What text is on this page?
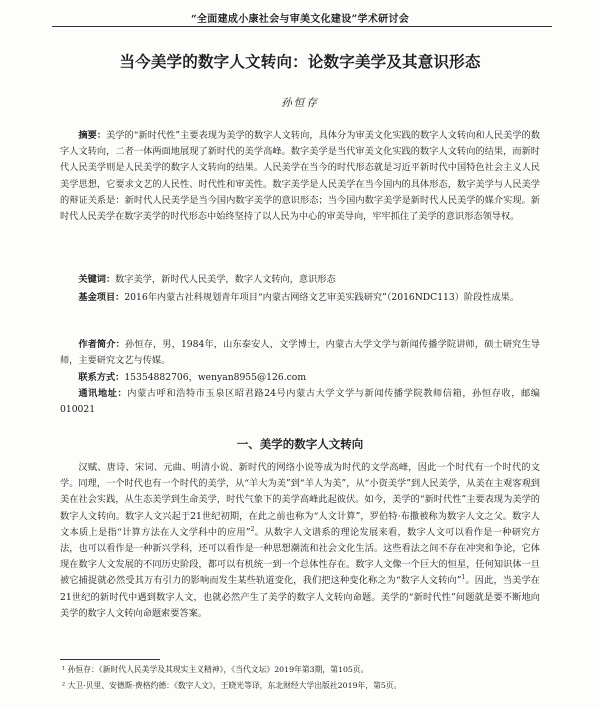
“全面建成小康社会与审美文化建设”学术研讨会
当今美学的数字人文转向：论数字美学及其意识形态
孙恒存

摘要：美学的“新时代性”主要表现为美学的数字人文转向，具体分为审美文化实践的数字人文转向和人民美学的数字人文转向，二者一体两面地展现了新时代的美学高峰。数字美学是当代审美文化实践的数字人文转向的结果，而新时代人民美学则是人民美学的数字人文转向的结果。人民美学在当今的时代形态就是习近平新时代中国特色社会主义人民美学思想，它要求文艺的人民性、时代性和审美性。数字美学是人民美学在当今国内的具体形态，数字美学与人民美学的辩证关系是：新时代人民美学是当今国内数字美学的意识形态；当今国内数字美学是新时代人民美学的媒介实现。新时代人民美学在数字美学的时代形态中始终坚持了以人民为中心的审美导向，牢牢抓住了美学的意识形态领导权。

关键词：数字美学，新时代人民美学，数字人文转向，意识形态

基金项目：2016年内蒙古社科规划青年项目“内蒙古网络文艺审美实践研究”（2016NDC113）阶段性成果。

作者简介：孙恒存，男，1984年，山东泰安人，文学博士，内蒙古大学文学与新闻传播学院讲师，硕士研究生导师，主要研究文艺与传媒。

联系方式：15354882706，wenyan8955@126.com

通讯地址：内蒙古呼和浩特市玉泉区昭君路24号内蒙古大学文学与新闻传播学院教师信箱，孙恒存收，邮编010021

一、美学的数字人文转向

汉赋、唐诗、宋词、元曲、明清小说、新时代的网络小说等成为时代的文学高峰，因此一个时代有一个时代的文学。同理，一个时代也有一个时代的美学，从“羊大为美”到“羊人为美”，从“小资美学”到人民美学，从美在主观客观到美在社会实践，从生态美学到生命美学，时代气象下的美学高峰此起彼伏。如今，美学的“新时代性”主要表现为美学的数字人文转向。数字人文兴起于21世纪初期，在此之前也称为“人文计算”，罗伯特·布撒被称为数字人文之父。数字人文本质上是指“计算方法在人文学科中的应用”$^2$。从数字人文谱系的理论发展来看，数字人文可以看作是一种研究方法，也可以看作是一种新兴学科，还可以看作是一种思想潮流和社会文化生活。这些看法之间不存在冲突和争论，它体现在数字人文发展的不同历史阶段，都可以有机统一到一个总体性存在。数字人文像一个巨大的恒星，任何知识体一旦被它捕捉就必然受其万有引力的影响而发生某些轨道变化，我们把这种变化称之为“数字人文转向”$^1$。因此，当美学在21世纪的新时代中遇到数字人文，也就必然产生了美学的数字人文转向命题。美学的“新时代性”问题就是要不断地向美学的数字人文转向命题索要答案。

¹ 孙恒存：《新时代人民美学及其现实主义精神》，《当代文坛》2019年第3期，第105页。
² 大卫·贝里、安德斯·费格约德：《数字人文》，王晓光等译，东北财经大学出版社2019年，第5页。
